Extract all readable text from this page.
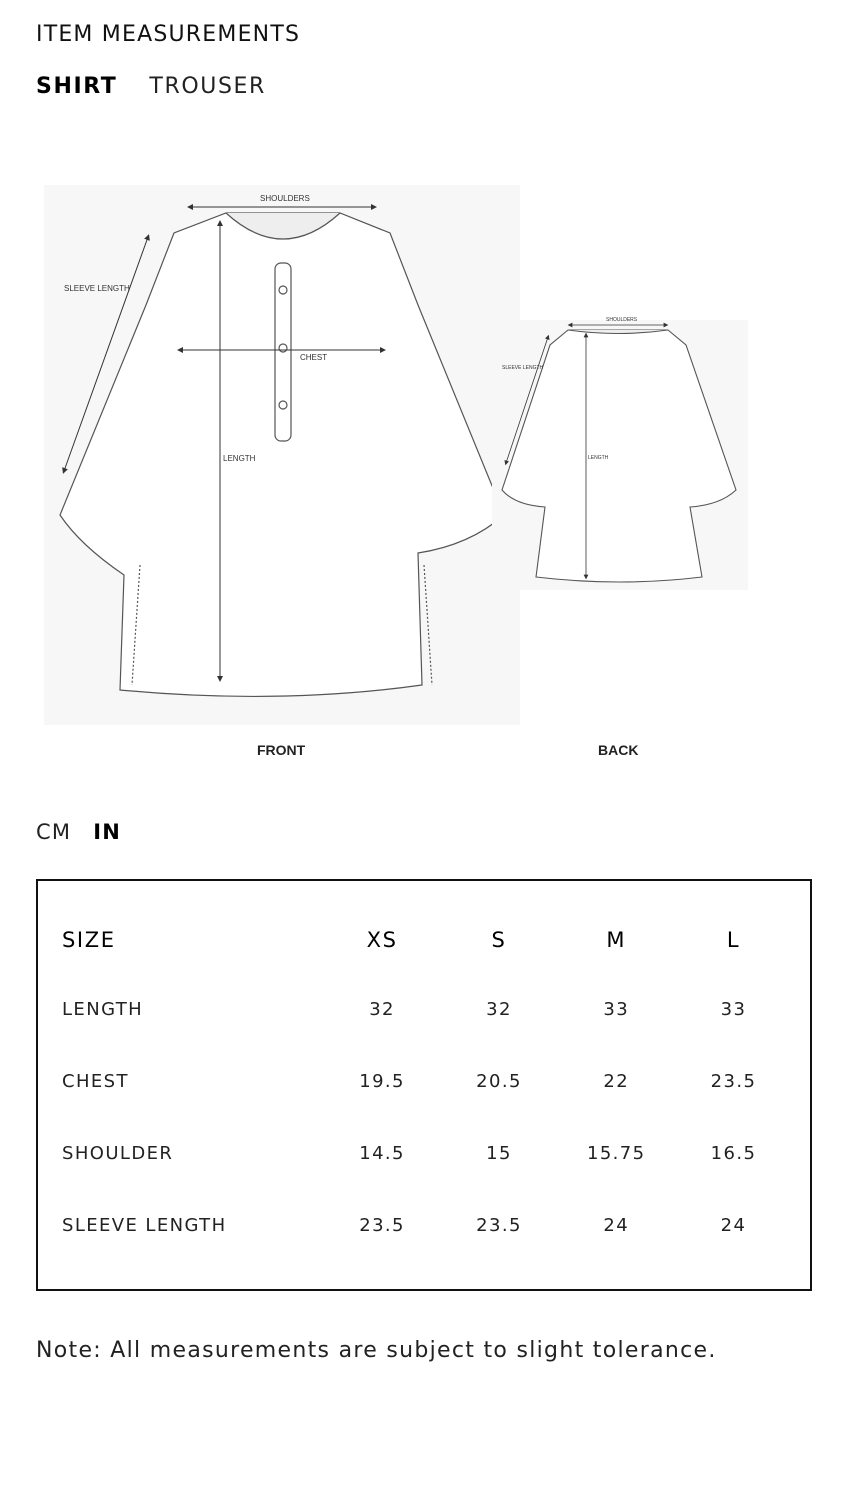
ITEM MEASUREMENTS
SHIRT TROUSER
SHOULDERS
SLEEVE LENGTH
CHEST
LENGTH
SHOULDERS
SLEEVE LENGTH
LENGTH
FRONT	BACK
CM IN
SIZE	XS	S	M	L
LENGTH	32	32	33	33
CHEST	19.5	20.5	22	23.5
SHOULDER	14.5	15	15.75	16.5
SLEEVE LENGTH	23.5	23.5	24	24
Note: All measurements are subject to slight tolerance.
